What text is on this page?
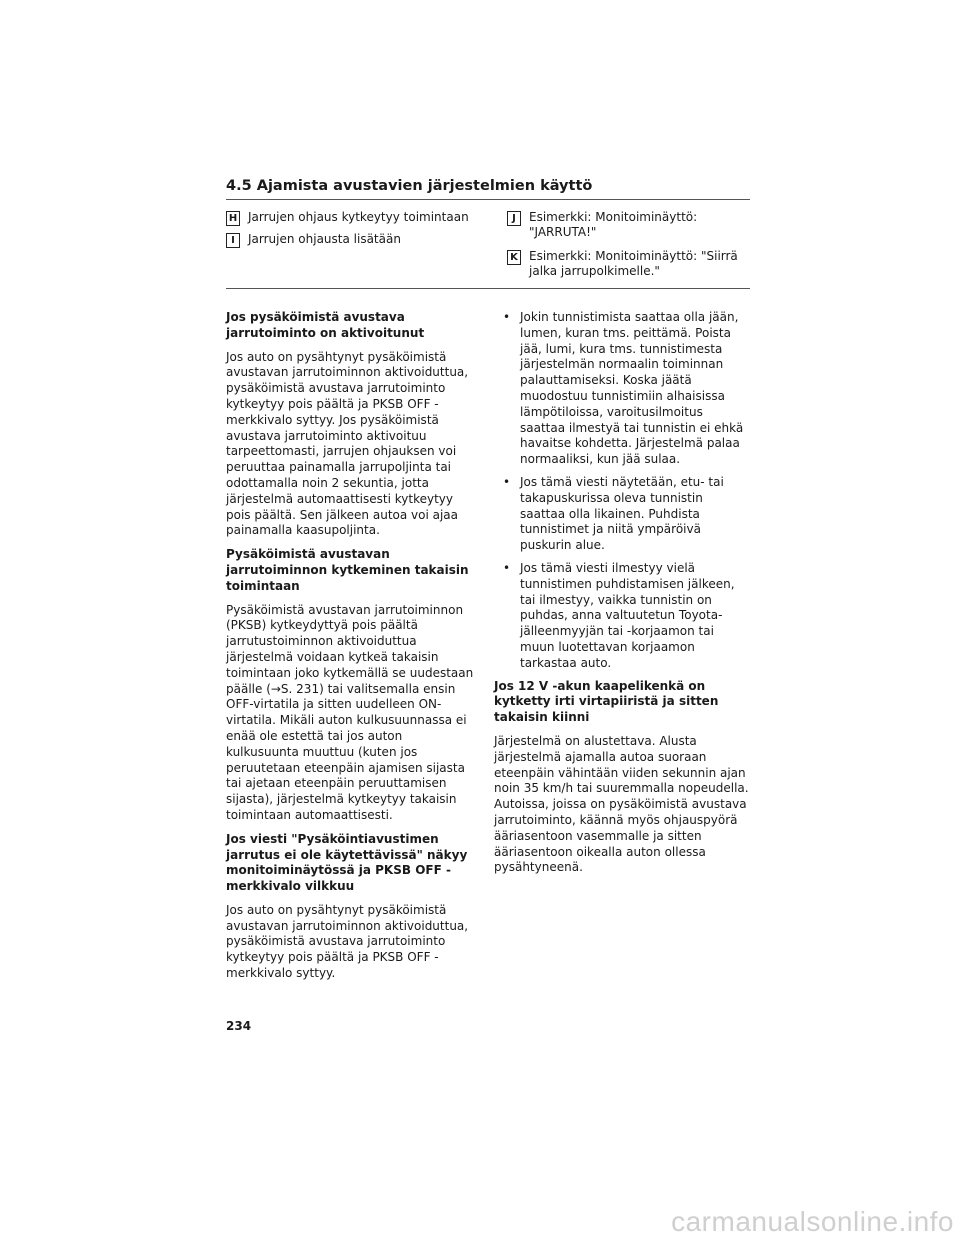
4.5 Ajamista avustavien järjestelmien käyttö
H Jarrujen ohjaus kytkeytyy toimintaan
I	Jarrujen ohjausta lisätään
J	Esimerkki: Monitoiminäyttö: "JARRUTA!"
K Esimerkki: Monitoiminäyttö: "Siirrä jalka jarrupolkimelle."
Jos pysäköimistä avustava jarrutoiminto on aktivoitunut

Jos auto on pysähtynyt pysäköimistä avustavan jarrutoiminnon aktivoiduttua, pysäköimistä avustava jarrutoiminto kytkeytyy pois päältä ja PKSB OFF -merkkivalo syttyy. Jos pysäköimistä avustava jarrutoiminto aktivoituu tarpeettomasti, jarrujen ohjauksen voi peruuttaa painamalla jarrupoljinta tai odottamalla noin 2 sekuntia, jotta järjestelmä automaattisesti kytkeytyy pois päältä. Sen jälkeen autoa voi ajaa painamalla kaasupoljinta.

Pysäköimistä avustavan jarrutoiminnon kytkeminen takaisin toimintaan

Pysäköimistä avustavan jarrutoiminnon (PKSB) kytkeydyttyä pois päältä jarrutustoiminnon aktivoiduttua järjestelmä voidaan kytkeä takaisin toimintaan joko kytkemällä se uudestaan päälle (→S. 231) tai valitsemalla ensin OFF-virtatila ja sitten uudelleen ON-virtatila. Mikäli auton kulkusuunnassa ei enää ole estettä tai jos auton kulkusuunta muuttuu (kuten jos peruutetaan eteenpäin ajamisen sijasta tai ajetaan eteenpäin peruuttamisen sijasta), järjestelmä kytkeytyy takaisin toimintaan automaattisesti.

Jos viesti "Pysäköintiavustimen jarrutus ei ole käytettävissä" näkyy monitoiminäytössä ja PKSB OFF -merkkivalo vilkkuu

Jos auto on pysähtynyt pysäköimistä avustavan jarrutoiminnon aktivoiduttua, pysäköimistä avustava jarrutoiminto kytkeytyy pois päältä ja PKSB OFF -merkkivalo syttyy.

• Jokin tunnistimista saattaa olla jään, lumen, kuran tms. peittämä. Poista jää, lumi, kura tms. tunnistimesta järjestelmän normaalin toiminnan palauttamiseksi. Koska jäätä muodostuu tunnistimiin alhaisissa lämpötiloissa, varoitusilmoitus saattaa ilmestyä tai tunnistin ei ehkä havaitse kohdetta. Järjestelmä palaa normaaliksi, kun jää sulaa.
• Jos tämä viesti näytetään, etu- tai takapuskurissa oleva tunnistin saattaa olla likainen. Puhdista tunnistimet ja niitä ympäröivä puskurin alue.
• Jos tämä viesti ilmestyy vielä tunnistimen puhdistamisen jälkeen, tai ilmestyy, vaikka tunnistin on puhdas, anna valtuutetun Toyota-jälleenmyyjän tai -korjaamon tai muun luotettavan korjaamon tarkastaa auto.
Jos 12 V -akun kaapelikenkä on kytketty irti virtapiiristä ja sitten takaisin kiinni

Järjestelmä on alustettava. Alusta järjestelmä ajamalla autoa suoraan eteenpäin vähintään viiden sekunnin ajan noin 35 km/h tai suuremmalla nopeudella. Autoissa, joissa on pysäköimistä avustava jarrutoiminto, käännä myös ohjauspyörä ääriasentoon vasemmalle ja sitten ääriasentoon oikealla auton ollessa pysähtyneenä.

234
carmanualsonline.info
